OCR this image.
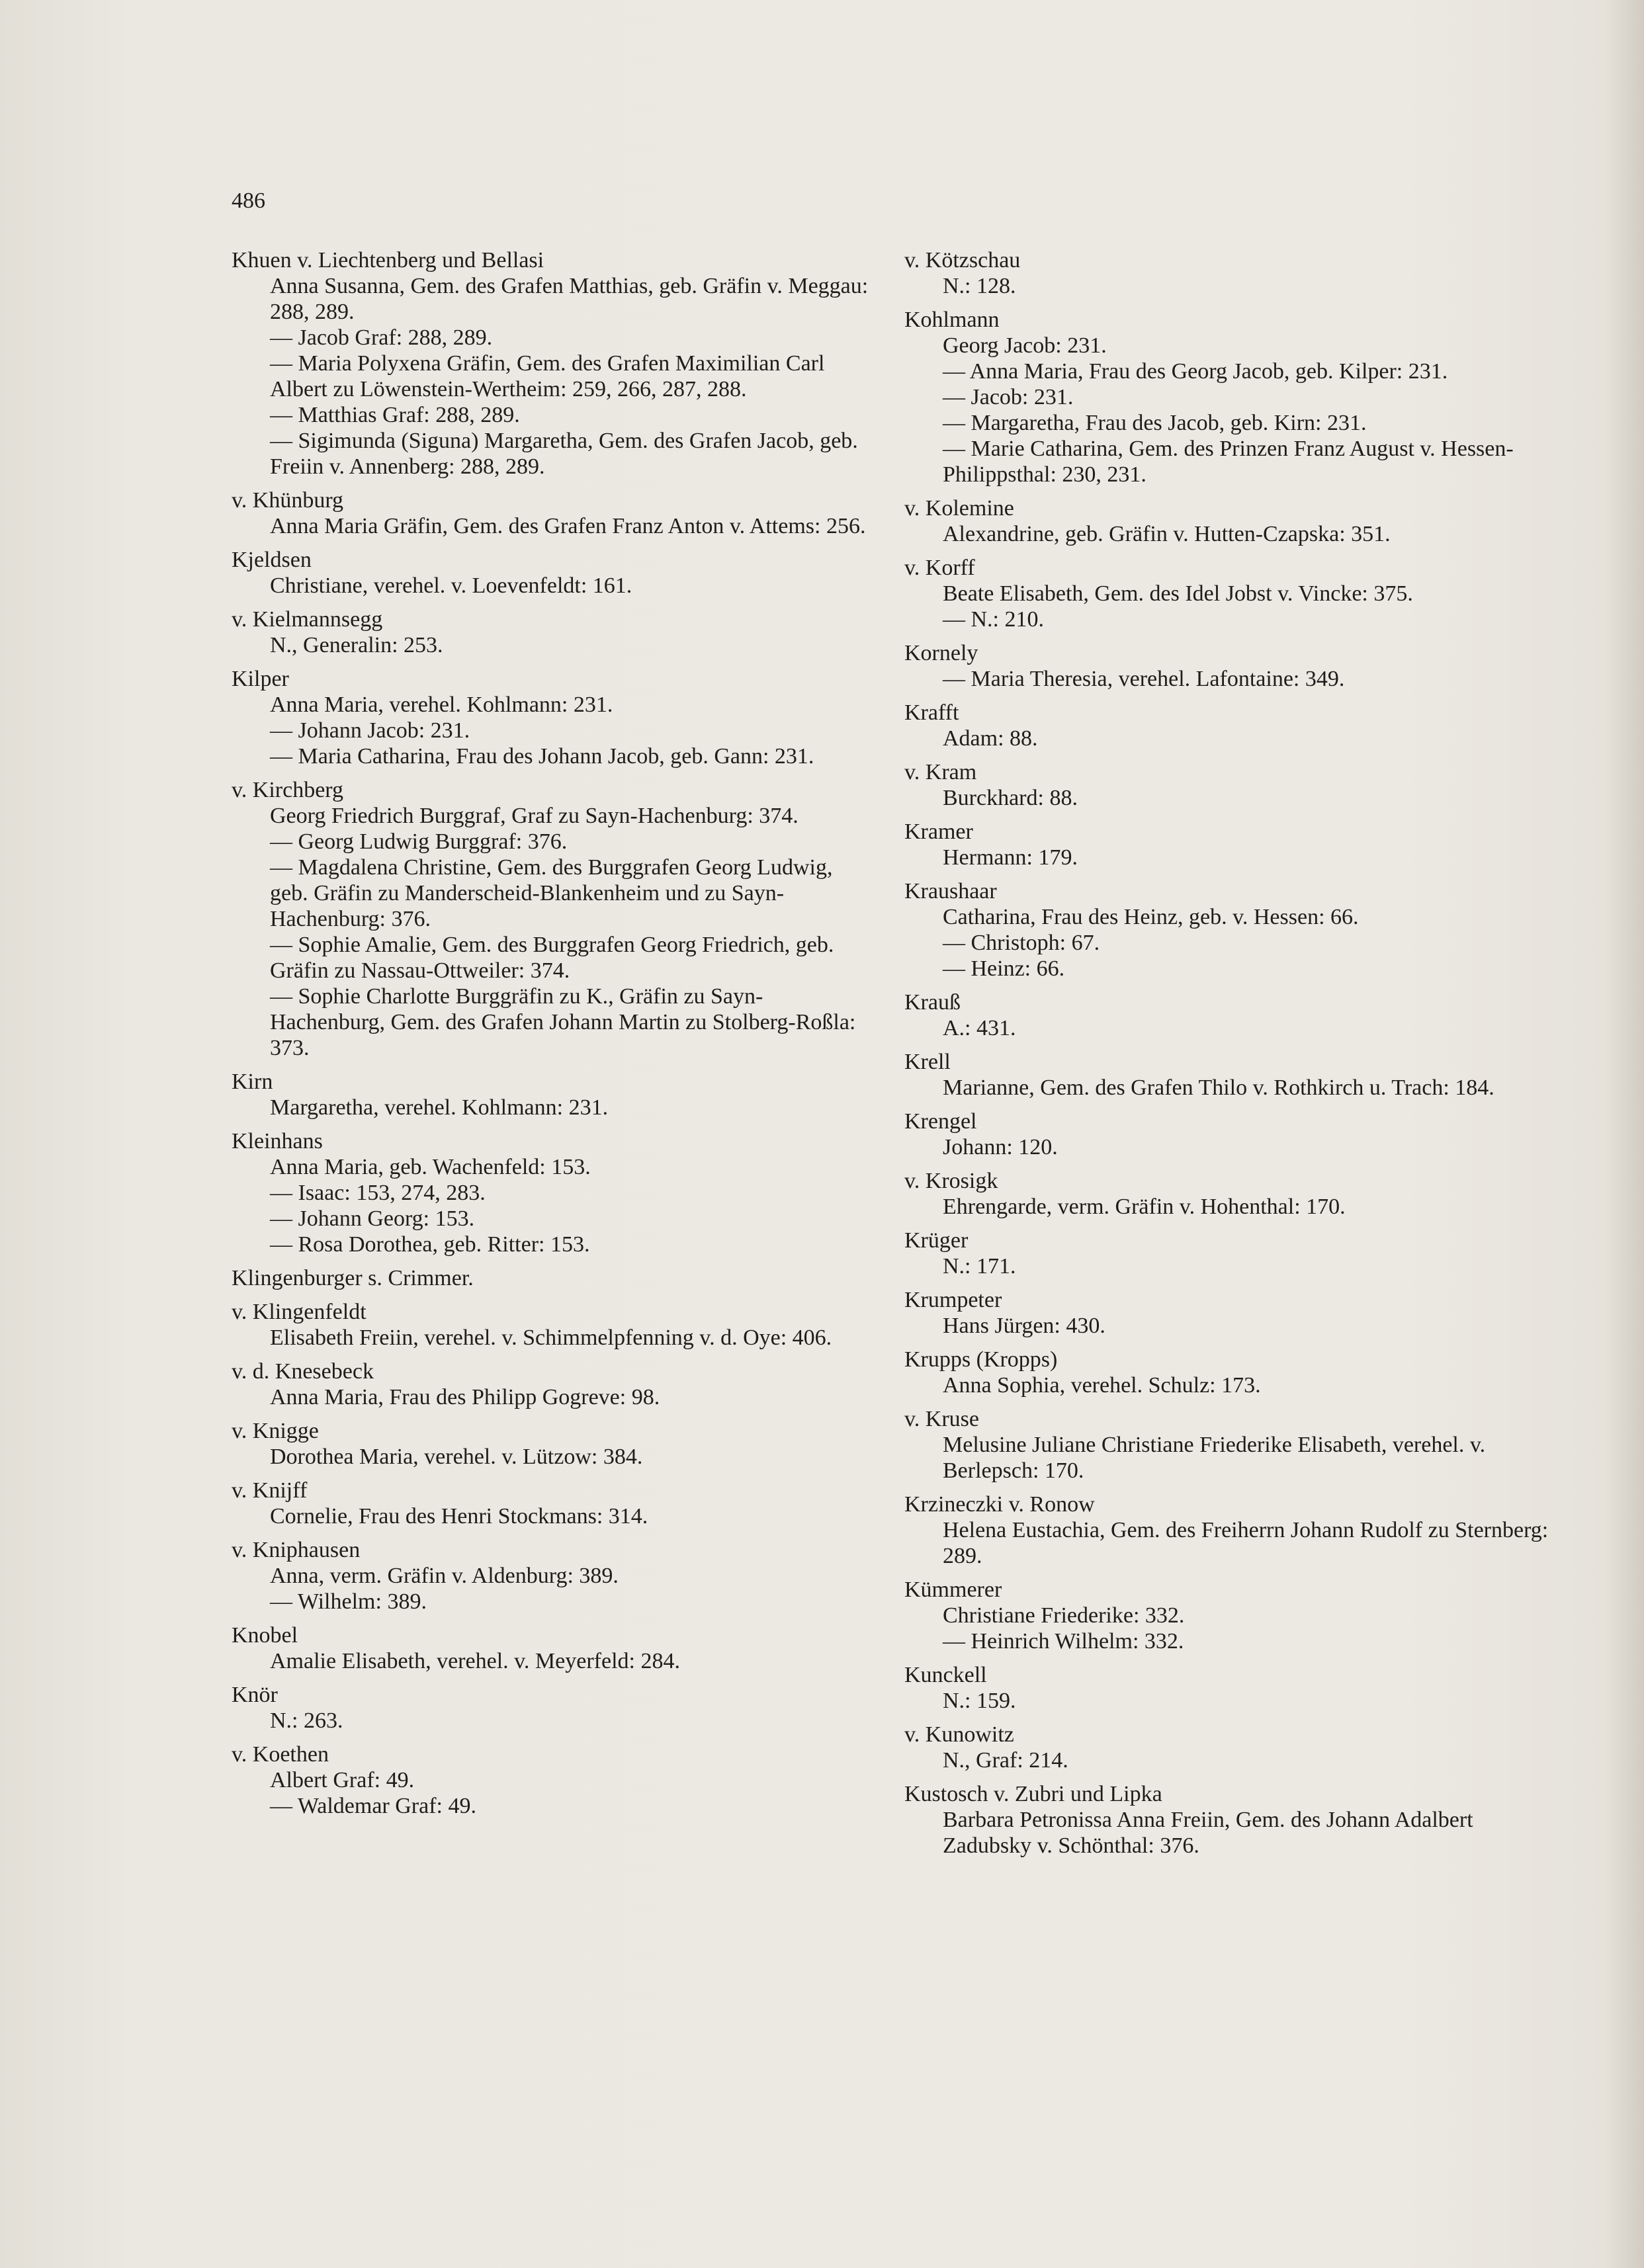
486
Khuen v. Liechtenberg und Bellasi
Anna Susanna, Gem. des Grafen Matthias, geb. Gräfin v. Meggau: 288, 289.
— Jacob Graf: 288, 289.
— Maria Polyxena Gräfin, Gem. des Grafen Maximilian Carl Albert zu Löwenstein-Wertheim: 259, 266, 287, 288.
— Matthias Graf: 288, 289.
— Sigimunda (Siguna) Margaretha, Gem. des Grafen Jacob, geb. Freiin v. Annenberg: 288, 289.
v. Khünburg
Anna Maria Gräfin, Gem. des Grafen Franz Anton v. Attems: 256.
Kjeldsen
Christiane, verehel. v. Loevenfeldt: 161.
v. Kielmannsegg
N., Generalin: 253.
Kilper
Anna Maria, verehel. Kohlmann: 231.
— Johann Jacob: 231.
— Maria Catharina, Frau des Johann Jacob, geb. Gann: 231.
v. Kirchberg
Georg Friedrich Burggraf, Graf zu Sayn-Hachenburg: 374.
— Georg Ludwig Burggraf: 376.
— Magdalena Christine, Gem. des Burggrafen Georg Ludwig, geb. Gräfin zu Manderscheid-Blankenheim und zu Sayn-Hachenburg: 376.
— Sophie Amalie, Gem. des Burggrafen Georg Friedrich, geb. Gräfin zu Nassau-Ottweiler: 374.
— Sophie Charlotte Burggräfin zu K., Gräfin zu Sayn-Hachenburg, Gem. des Grafen Johann Martin zu Stolberg-Roßla: 373.
Kirn
Margaretha, verehel. Kohlmann: 231.
Kleinhans
Anna Maria, geb. Wachenfeld: 153.
— Isaac: 153, 274, 283.
— Johann Georg: 153.
— Rosa Dorothea, geb. Ritter: 153.
Klingenburger s. Crimmer.
v. Klingenfeldt
Elisabeth Freiin, verehel. v. Schimmelpfenning v. d. Oye: 406.
v. d. Knesebeck
Anna Maria, Frau des Philipp Gogreve: 98.
v. Knigge
Dorothea Maria, verehel. v. Lützow: 384.
v. Knijff
Cornelie, Frau des Henri Stockmans: 314.
v. Kniphausen
Anna, verm. Gräfin v. Aldenburg: 389.
— Wilhelm: 389.
Knobel
Amalie Elisabeth, verehel. v. Meyerfeld: 284.
Knör
N.: 263.
v. Koethen
Albert Graf: 49.
— Waldemar Graf: 49.
v. Kötzschau
N.: 128.
Kohlmann
Georg Jacob: 231.
— Anna Maria, Frau des Georg Jacob, geb. Kilper: 231.
— Jacob: 231.
— Margaretha, Frau des Jacob, geb. Kirn: 231.
— Marie Catharina, Gem. des Prinzen Franz August v. Hessen-Philippsthal: 230, 231.
v. Kolemine
Alexandrine, geb. Gräfin v. Hutten-Czapska: 351.
v. Korff
Beate Elisabeth, Gem. des Idel Jobst v. Vincke: 375.
— N.: 210.
Kornely
— Maria Theresia, verehel. Lafontaine: 349.
Krafft
Adam: 88.
v. Kram
Burckhard: 88.
Kramer
Hermann: 179.
Kraushaar
Catharina, Frau des Heinz, geb. v. Hessen: 66.
— Christoph: 67.
— Heinz: 66.
Krauß
A.: 431.
Krell
Marianne, Gem. des Grafen Thilo v. Rothkirch u. Trach: 184.
Krengel
Johann: 120.
v. Krosigk
Ehrengarde, verm. Gräfin v. Hohenthal: 170.
Krüger
N.: 171.
Krumpeter
Hans Jürgen: 430.
Krupps (Kropps)
Anna Sophia, verehel. Schulz: 173.
v. Kruse
Melusine Juliane Christiane Friederike Elisabeth, verehel. v. Berlepsch: 170.
Krzineczki v. Ronow
Helena Eustachia, Gem. des Freiherrn Johann Rudolf zu Sternberg: 289.
Kümmerer
Christiane Friederike: 332.
— Heinrich Wilhelm: 332.
Kunckell
N.: 159.
v. Kunowitz
N., Graf: 214.
Kustosch v. Zubri und Lipka
Barbara Petronissa Anna Freiin, Gem. des Johann Adalbert Zadubsky v. Schönthal: 376.
